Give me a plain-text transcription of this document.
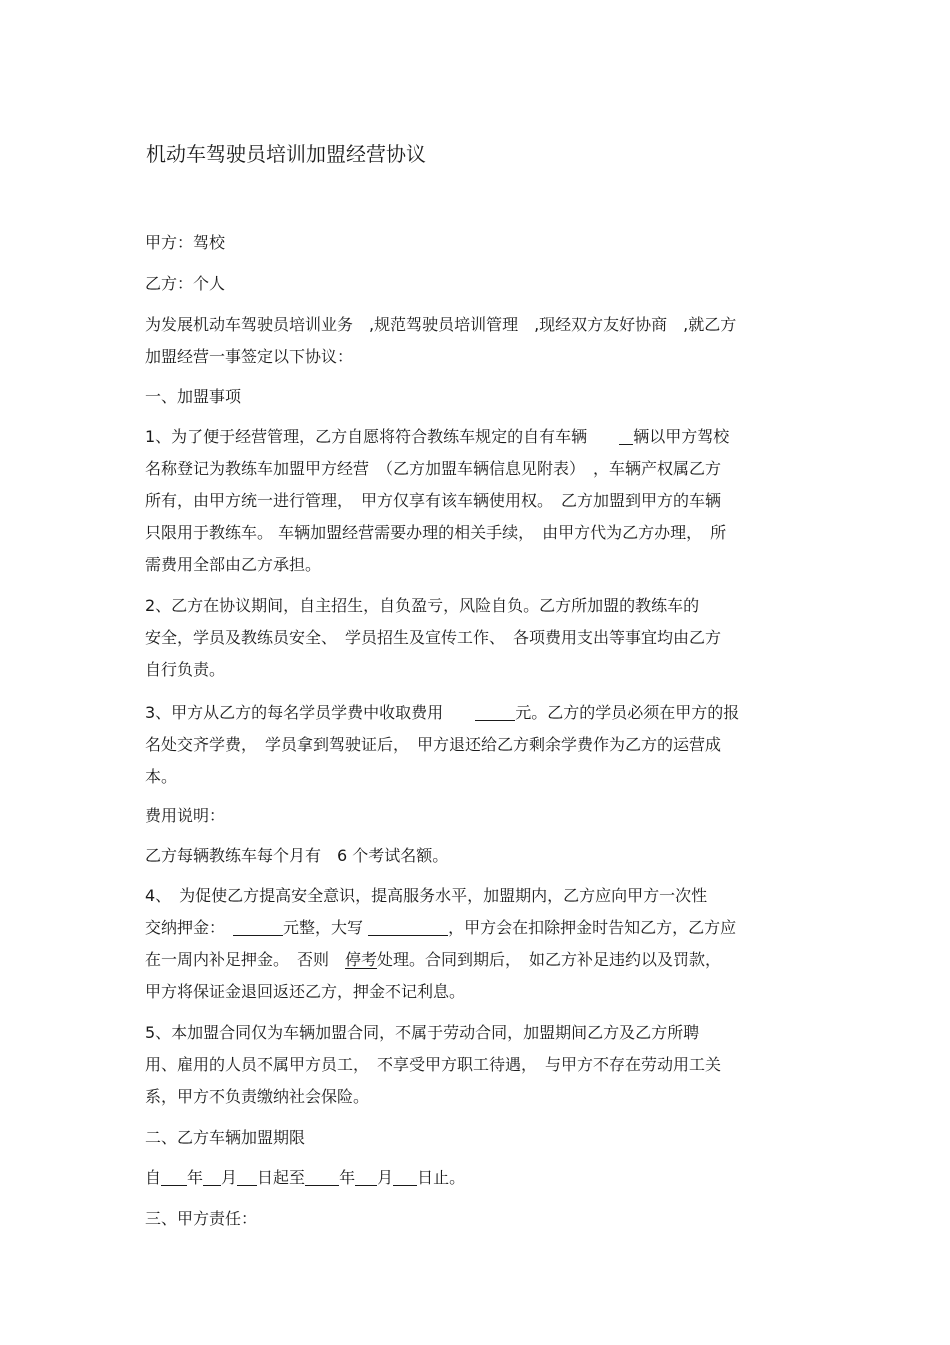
机动车驾驶员培训加盟经营协议
甲方：驾校
乙方：个人
为发展机动车驾驶员培训业务　,规范驾驶员培训管理　,现经双方友好协商　,就乙方
加盟经营一事签定以下协议：
一、加盟事项
1、为了便于经营管理，乙方自愿将符合教练车规定的自有车辆　　辆以甲方驾校
名称登记为教练车加盟甲方经营　（乙方加盟车辆信息见附表）　，车辆产权属乙方
所有，由甲方统一进行管理，　甲方仅享有该车辆使用权。　乙方加盟到甲方的车辆
只限用于教练车。 车辆加盟经营需要办理的相关手续，　由甲方代为乙方办理，　所
需费用全部由乙方承担。
2、乙方在协议期间，自主招生，自负盈亏，风险自负。乙方所加盟的教练车的
安全，学员及教练员安全、　学员招生及宣传工作、　各项费用支出等事宜均由乙方
自行负责。
3、甲方从乙方的每名学员学费中收取费用　　	元。乙方的学员必须在甲方的报
名处交齐学费，　学员拿到驾驶证后，　甲方退还给乙方剩余学费作为乙方的运营成
本。
费用说明：
乙方每辆教练车每个月有　6 个考试名额。
4、　为促使乙方提高安全意识，提高服务水平，加盟期内，乙方应向甲方一次性
交纳押金：　	元整，大写	，甲方会在扣除押金时告知乙方，乙方应
在一周内补足押金。　否则　停考处理。合同到期后，　如乙方补足违约以及罚款，
甲方将保证金退回返还乙方，押金不记利息。
5、本加盟合同仅为车辆加盟合同，不属于劳动合同，加盟期间乙方及乙方所聘
用、雇用的人员不属甲方员工，　不享受甲方职工待遇，　与甲方不存在劳动用工关
系，甲方不负责缴纳社会保险。
二、乙方车辆加盟期限
自 年 月 日起至 年 月 日止。
三、甲方责任：
